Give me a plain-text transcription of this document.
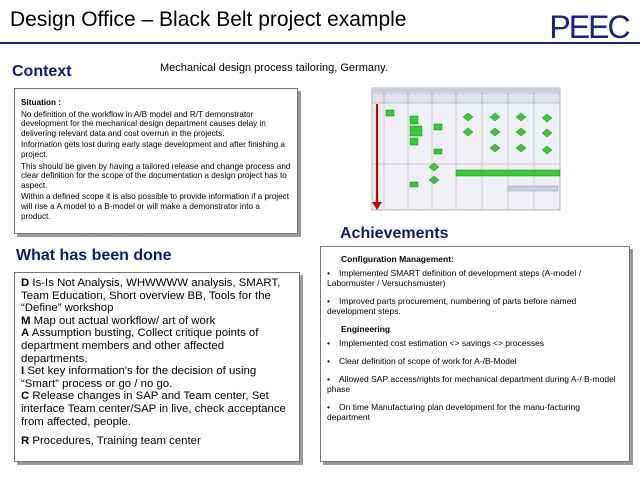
Design Office – Black Belt project example	PEEC
Context	Mechanical design process tailoring, Germany.

Situation :

No definition of the workflow in A/B model and R/T demonstrator development for the mechanical design department causes delay in delivering relevant data and cost overrun in the projects.

Information gets lost during early stage development and after finishing a project.

This should be given by having a tailored release and change process and clear definition for the scope of the documentation a design project has to aspect.

Within a defined scope it is also possible to provide information if a project will rise a A model to a B-model or will make a demonstrator into a product.

What has been done

D Is-Is Not Analysis, WHWWWW analysis, SMART, Team Education, Short overview BB, Tools for the “Define” workshop

M Map out actual workflow/ art of work

A Assumption busting, Collect critique points of department members and other affected departments.

I Set key information's for the decision of using “Smart” process or go / no go.

C Release changes in SAP and Team center, Set interface Team center/SAP in live, check acceptance from affected, people.

R Procedures, Training team center

Achievements
Configuration Management:
• Implemented SMART definition of development steps (A-model / Labormuster / Versuchsmuster)
• Improved parts procurement, numbering of parts before named development steps.
Engineering
• Implemented cost estimation <> savings <> processes
• Clear definition of scope of work for A-/B-Model
• Allowed SAP access/rights for mechanical department during A-/ B-model phase
• On time Manufacturing plan development for the manu-facturing department
